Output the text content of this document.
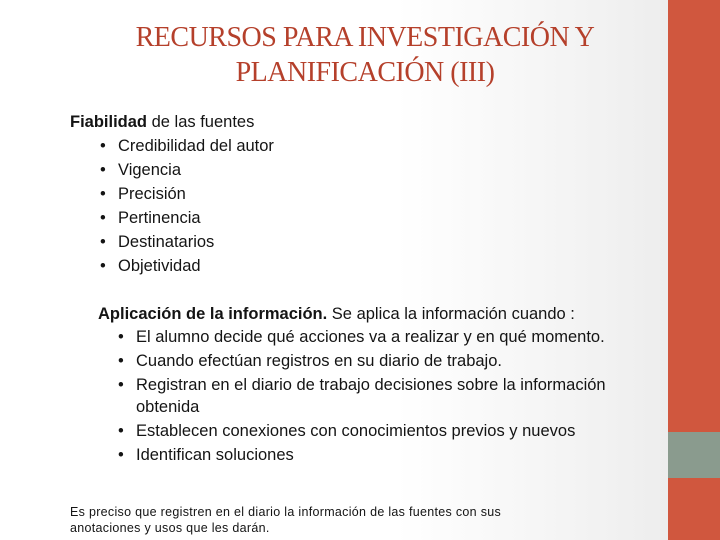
RECURSOS PARA INVESTIGACIÓN Y
PLANIFICACIÓN (III)
Fiabilidad de las fuentes
• Credibilidad del autor
• Vigencia
• Precisión
• Pertinencia
• Destinatarios
• Objetividad
Aplicación de la información. Se aplica la información cuando :
• El alumno decide qué acciones va a realizar y en qué momento.
• Cuando efectúan registros en su diario de trabajo.
• Registran en el diario de trabajo decisiones sobre la información obtenida
• Establecen conexiones con conocimientos previos y nuevos
• Identifican soluciones
Es preciso que registren en el diario la información de las fuentes con sus anotaciones y usos que les darán.
